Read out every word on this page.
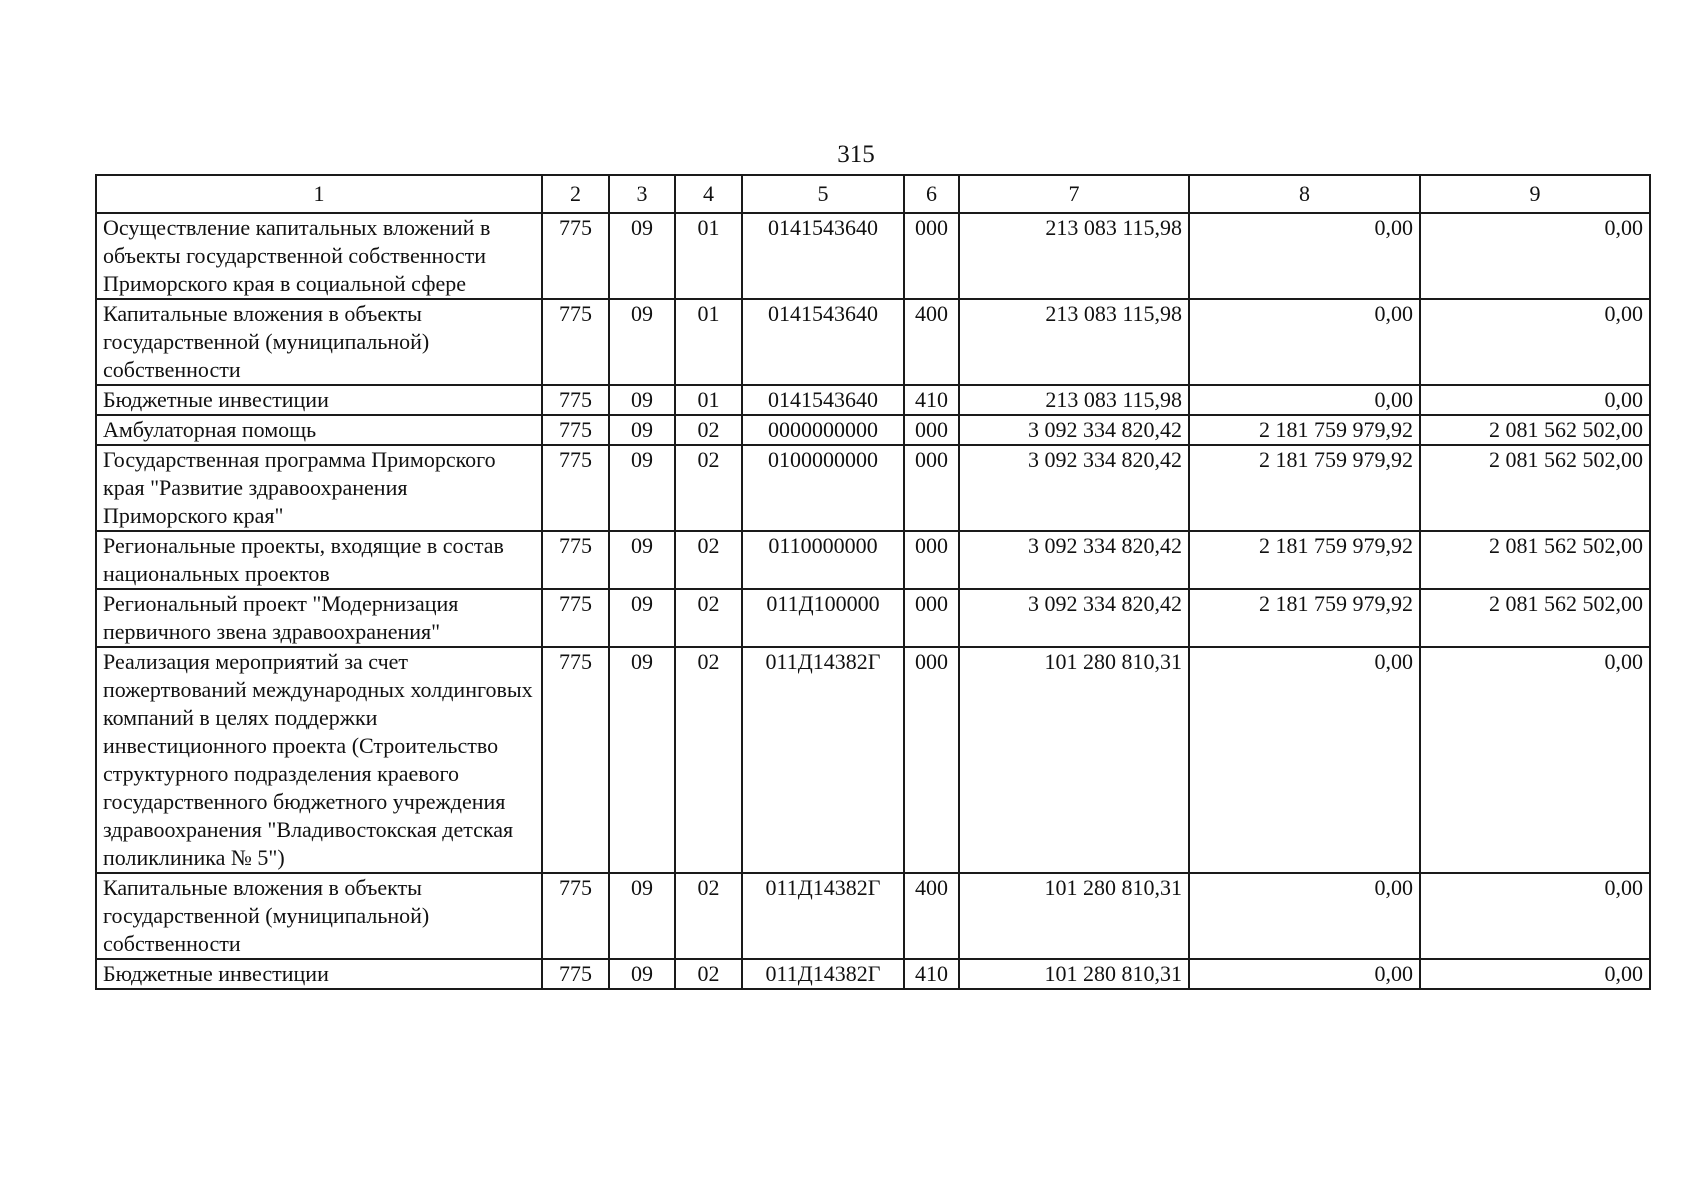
315
1	2	3	4	5	6	7	8	9
Осуществление капитальных вложений в объекты государственной собственности Приморского края в социальной сфере	775	09	01	0141543640	000	213 083 115,98	0,00	0,00
Капитальные вложения в объекты государственной (муниципальной) собственности	775	09	01	0141543640	400	213 083 115,98	0,00	0,00
Бюджетные инвестиции	775	09	01	0141543640	410	213 083 115,98	0,00	0,00
Амбулаторная помощь	775	09	02	0000000000	000	3 092 334 820,42	2 181 759 979,92	2 081 562 502,00
Государственная программа Приморского края "Развитие здравоохранения Приморского края"	775	09	02	0100000000	000	3 092 334 820,42	2 181 759 979,92	2 081 562 502,00
Региональные проекты, входящие в состав национальных проектов	775	09	02	0110000000	000	3 092 334 820,42	2 181 759 979,92	2 081 562 502,00
Региональный проект "Модернизация первичного звена здравоохранения"	775	09	02	011Д100000	000	3 092 334 820,42	2 181 759 979,92	2 081 562 502,00
Реализация мероприятий за счет пожертвований международных холдинговых компаний в целях поддержки инвестиционного проекта (Строительство структурного подразделения краевого государственного бюджетного учреждения здравоохранения "Владивостокская детская поликлиника № 5")	775	09	02	011Д14382Г	000	101 280 810,31	0,00	0,00
Капитальные вложения в объекты государственной (муниципальной) собственности	775	09	02	011Д14382Г	400	101 280 810,31	0,00	0,00
Бюджетные инвестиции	775	09	02	011Д14382Г	410	101 280 810,31	0,00	0,00
